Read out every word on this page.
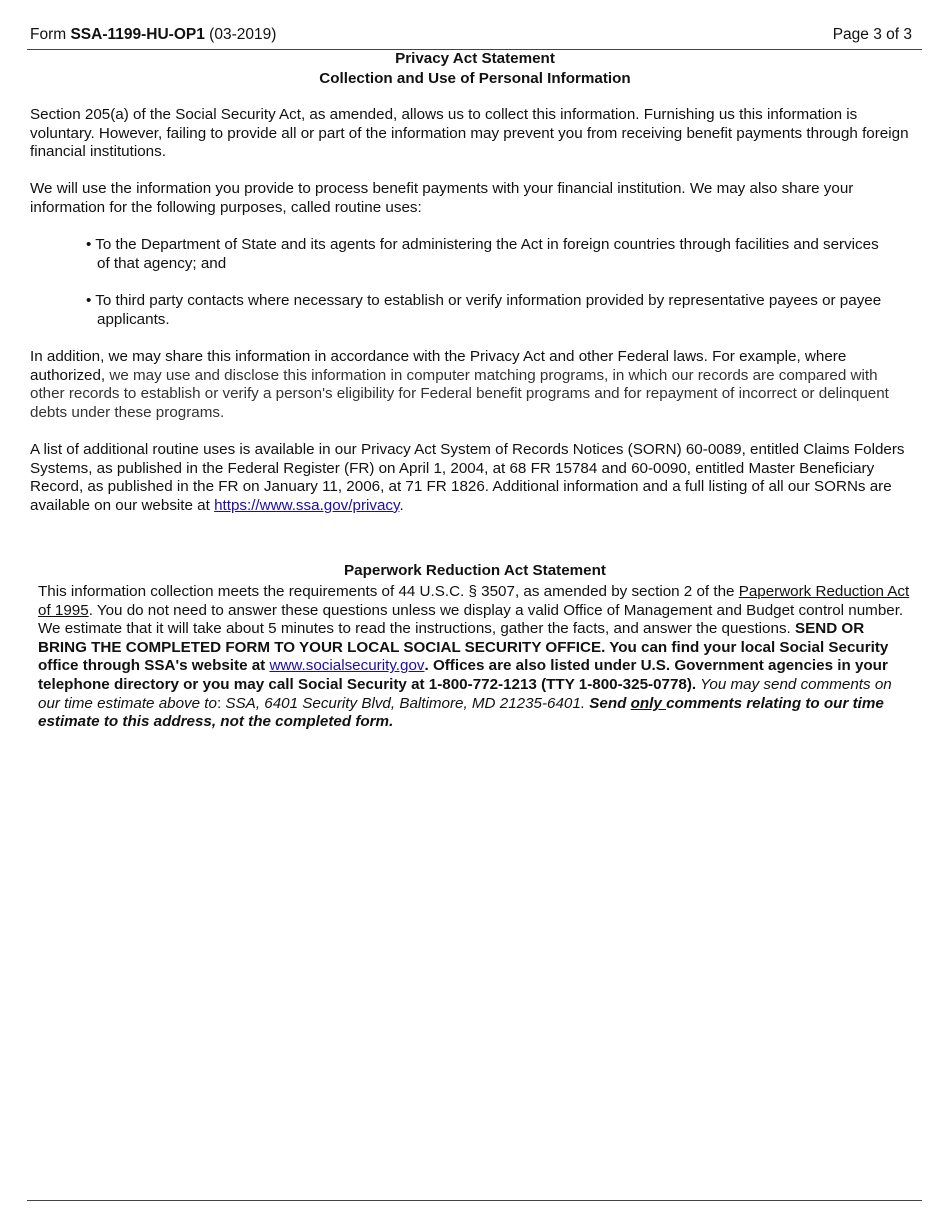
Form SSA-1199-HU-OP1 (03-2019)	Page 3 of 3
Privacy Act Statement
Collection and Use of Personal Information
Section 205(a) of the Social Security Act, as amended, allows us to collect this information. Furnishing us this information is voluntary. However, failing to provide all or part of the information may prevent you from receiving benefit payments through foreign financial institutions.
We will use the information you provide to process benefit payments with your financial institution. We may also share your information for the following purposes, called routine uses:
• To the Department of State and its agents for administering the Act in foreign countries through facilities and services of that agency; and
• To third party contacts where necessary to establish or verify information provided by representative payees or payee applicants.
In addition, we may share this information in accordance with the Privacy Act and other Federal laws. For example, where authorized, we may use and disclose this information in computer matching programs, in which our records are compared with other records to establish or verify a person's eligibility for Federal benefit programs and for repayment of incorrect or delinquent debts under these programs.
A list of additional routine uses is available in our Privacy Act System of Records Notices (SORN) 60-0089, entitled Claims Folders Systems, as published in the Federal Register (FR) on April 1, 2004, at 68 FR 15784 and 60-0090, entitled Master Beneficiary Record, as published in the FR on January 11, 2006, at 71 FR 1826. Additional information and a full listing of all our SORNs are available on our website at https://www.ssa.gov/privacy.
Paperwork Reduction Act Statement
This information collection meets the requirements of 44 U.S.C. § 3507, as amended by section 2 of the Paperwork Reduction Act of 1995. You do not need to answer these questions unless we display a valid Office of Management and Budget control number. We estimate that it will take about 5 minutes to read the instructions, gather the facts, and answer the questions. SEND OR BRING THE COMPLETED FORM TO YOUR LOCAL SOCIAL SECURITY OFFICE. You can find your local Social Security office through SSA's website at www.socialsecurity.gov. Offices are also listed under U.S. Government agencies in your telephone directory or you may call Social Security at 1-800-772-1213 (TTY 1-800-325-0778). You may send comments on our time estimate above to: SSA, 6401 Security Blvd, Baltimore, MD 21235-6401. Send only comments relating to our time estimate to this address, not the completed form.
